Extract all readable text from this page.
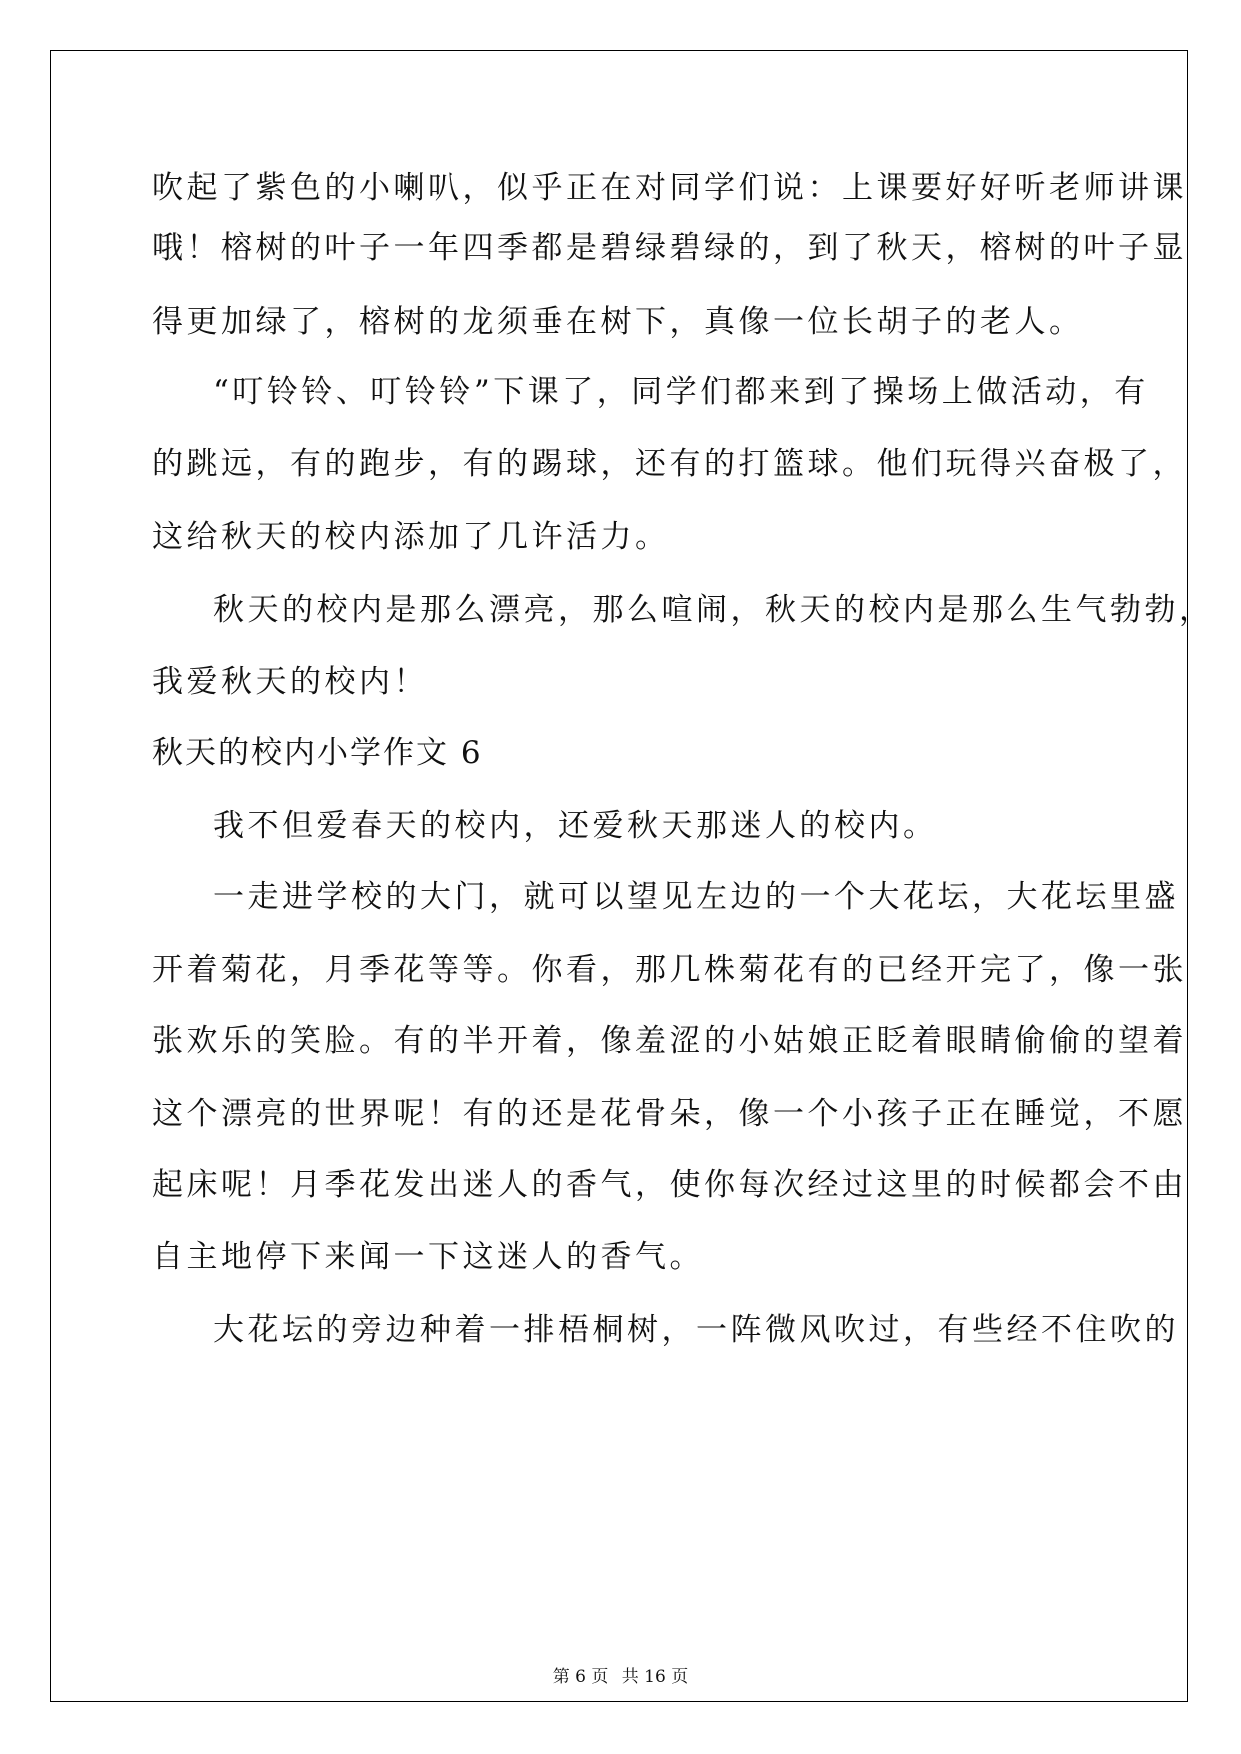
吹起了紫色的小喇叭，似乎正在对同学们说：上课要好好听老师讲课

哦！榕树的叶子一年四季都是碧绿碧绿的，到了秋天，榕树的叶子显

得更加绿了，榕树的龙须垂在树下，真像一位长胡子的老人。

“叮铃铃、叮铃铃”下课了，同学们都来到了操场上做活动，有

的跳远，有的跑步，有的踢球，还有的打篮球。他们玩得兴奋极了，

这给秋天的校内添加了几许活力。

秋天的校内是那么漂亮，那么喧闹，秋天的校内是那么生气勃勃，

我爱秋天的校内！

秋天的校内小学作文 6

我不但爱春天的校内，还爱秋天那迷人的校内。

一走进学校的大门，就可以望见左边的一个大花坛，大花坛里盛

开着菊花，月季花等等。你看，那几株菊花有的已经开完了，像一张

张欢乐的笑脸。有的半开着，像羞涩的小姑娘正眨着眼睛偷偷的望着

这个漂亮的世界呢！有的还是花骨朵，像一个小孩子正在睡觉，不愿

起床呢！月季花发出迷人的香气，使你每次经过这里的时候都会不由

自主地停下来闻一下这迷人的香气。

大花坛的旁边种着一排梧桐树，一阵微风吹过，有些经不住吹的

第 6 页 共 16 页
